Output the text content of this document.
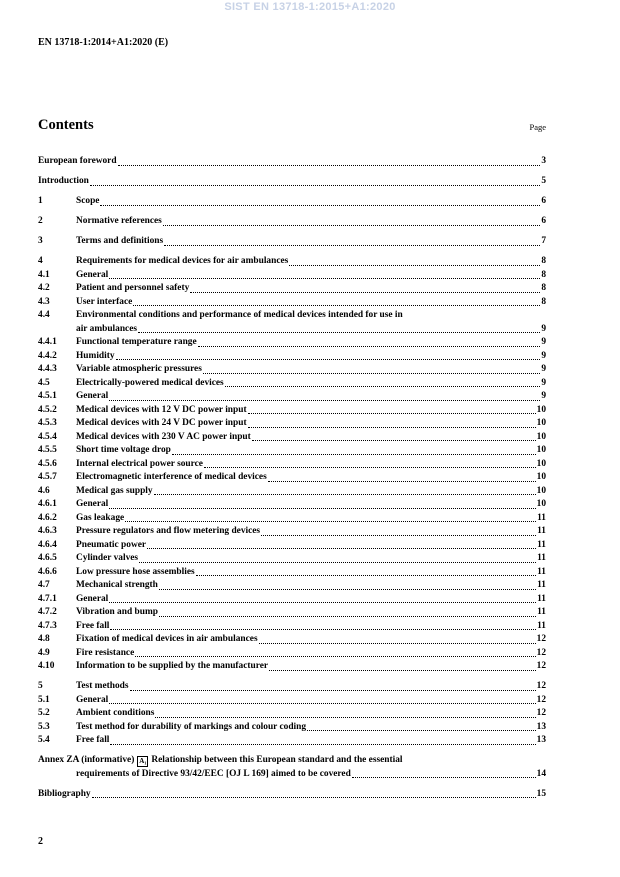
SIST EN 13718-1:2015+A1:2020
EN 13718-1:2014+A1:2020 (E)
Contents	Page
European foreword	3
Introduction	5
1	Scope	6
2	Normative references	6
3	Terms and definitions	7
4	Requirements for medical devices for air ambulances	8
4.1	General	8
4.2	Patient and personnel safety	8
4.3	User interface	8
4.4	Environmental conditions and performance of medical devices intended for use in
air ambulances	9
4.4.1	Functional temperature range	9
4.4.2	Humidity	9
4.4.3	Variable atmospheric pressures	9
4.5	Electrically-powered medical devices	9
4.5.1	General	9
4.5.2	Medical devices with 12 V DC power input	10
4.5.3	Medical devices with 24 V DC power input	10
4.5.4	Medical devices with 230 V AC power input	10
4.5.5	Short time voltage drop	10
4.5.6	Internal electrical power source	10
4.5.7	Electromagnetic interference of medical devices	10
4.6	Medical gas supply	10
4.6.1	General	10
4.6.2	Gas leakage	11
4.6.3	Pressure regulators and flow metering devices	11
4.6.4	Pneumatic power	11
4.6.5	Cylinder valves	11
4.6.6	Low pressure hose assemblies	11
4.7	Mechanical strength	11
4.7.1	General	11
4.7.2	Vibration and bump	11
4.7.3	Free fall	11
4.8	Fixation of medical devices in air ambulances	12
4.9	Fire resistance	12
4.10	Information to be supplied by the manufacturer	12
5	Test methods	12
5.1	General	12
5.2	Ambient conditions	12
5.3	Test method for durability of markings and colour coding	13
5.4	Free fall	13
Annex ZA (informative) A₁ Relationship between this European standard and the essential
requirements of Directive 93/42/EEC [OJ L 169] aimed to be covered	14
Bibliography	15
2
